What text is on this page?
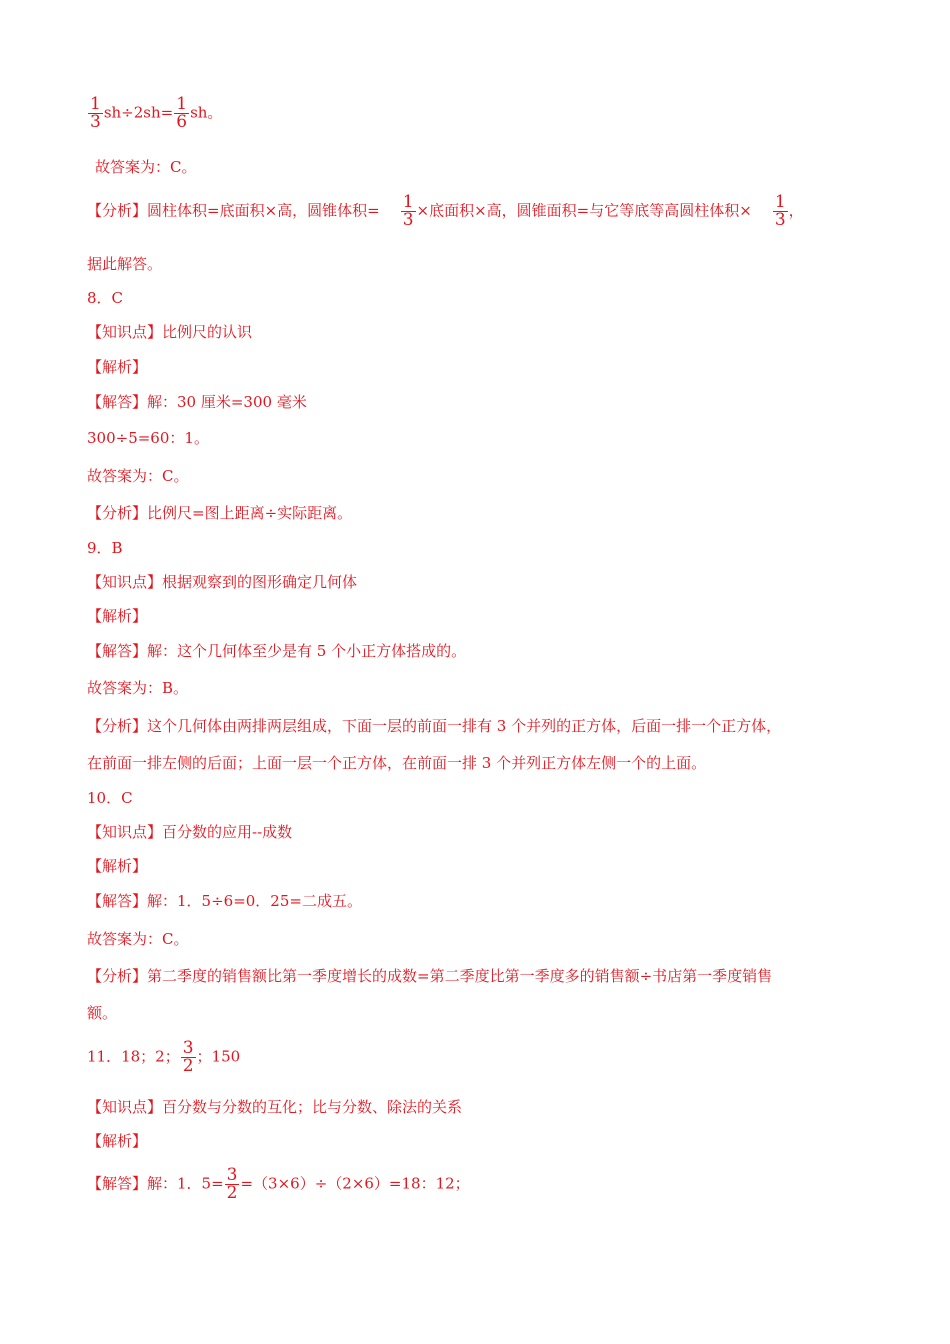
$\frac{1}{3} sh\div 2sh= \frac{1}{6}$ sh。
故答案为：C。
【分析】圆柱体积=底面积×高，圆锥体积= $\frac{1}{3}$ ×底面积×高，圆锥面积=与它等底等高圆柱体积× $\frac{1}{3}$ ，
据此解答。
8．C
【知识点】比例尺的认识
【解析】
【解答】解：30 厘米=300 毫米
300÷5=60：1。
故答案为：C。
【分析】比例尺=图上距离÷实际距离。
9．B
【知识点】根据观察到的图形确定几何体
【解析】
【解答】解：这个几何体至少是有 5 个小正方体搭成的。
故答案为：B。
【分析】这个几何体由两排两层组成，下面一层的前面一排有 3 个并列的正方体，后面一排一个正方体，
在前面一排左侧的后面；上面一层一个正方体，在前面一排 3 个并列正方体左侧一个的上面。
10．C
【知识点】百分数的应用--成数
【解析】
【解答】解：1．5÷6=0．25=二成五。
故答案为：C。
【分析】第二季度的销售额比第一季度增长的成数=第二季度比第一季度多的销售额÷书店第一季度销售
额。
11．18；2； $\frac{3}{2}$ ；150
【知识点】百分数与分数的互化；比与分数、除法的关系
【解析】
【解答】解：1．$5= \frac{3}{2} =(3\times 6)\div(2\times 6)=18$：12；
